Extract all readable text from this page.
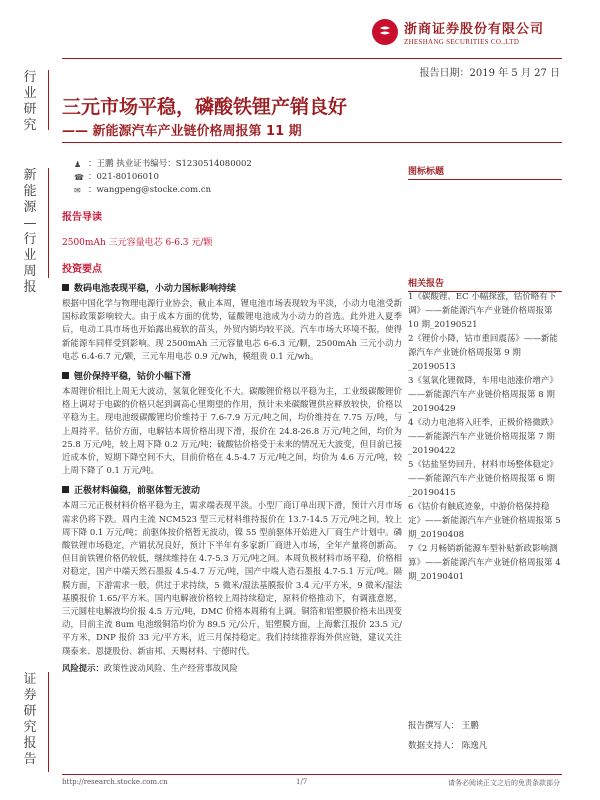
浙商证券股份有限公司
ZHESHANG SECURITIES CO.,LTD
报告日期：2019 年 5 月 27 日
行业研究
新能源—行业周报
证券研究报告
三元市场平稳，磷酸铁锂产销良好
—— 新能源汽车产业链价格周报第 11 期
♟ ：王鹏 执业证书编号：S1230514080002
☎ ：021-80106010
✉ ：wangpeng@stocke.com.cn
图标标题
相关报告
1《碳酸锂、EC 小幅探涨，钴价略有下调》——新能源汽车产业链价格周报第 10 期_20190521
2《锂价小降，钴市重回震荡》——新能源汽车产业链价格周报第 9 期_20190513
3《氢氧化锂微降，车用电池涨价增产》——新能源汽车产业链价格周报第 8 期_20190429
4《动力电池将入旺季，正极价格微跌》——新能源汽车产业链价格周报第 7 期_20190422
5《钴盐坚势回升，材料市场整体稳定》——新能源汽车产业链价格周报第 6 期_20190415
6《钴价有触底迹象，中游价格保持稳定》——新能源汽车产业链价格周报第 5 期_20190408
7《2 月畅销新能源车型补贴新政影响测算》——新能源汽车产业链价格周报第 4 期_20190401
报告撰写人： 王鹏
数据支持人： 陈逸凡
报告导读
2500mAh 三元容量电芯 6-6.3 元/颗
投资要点
数码电池表现平稳，小动力国标影响持续
根据中国化学与物理电源行业协会，截止本周，锂电池市场表现较为平淡，小动力电池受新国标政策影响较大。由于成本方面的优势，锰酸锂电池成为小动力的首选。此外进入夏季后，电动工具市场也开始露出疲软的苗头，外贸内销均较平淡。汽车市场大环境不振，使得新能源车同样受到影响。现 2500mAh 三元容量电芯 6-6.3 元/颗，2500mAh 三元小动力电芯 6.4-6.7 元/颗，三元车用电芯 0.9 元/wh，模组贵 0.1 元/wh。
锂价保持平稳，钴价小幅下滑
本周锂价相比上周无大波动，氢氧化锂变化不大。碳酸锂价格以平稳为主，工业级碳酸锂价格上调对于电碳的价格只起到调高心里期望的作用，预计未来碳酸锂供应释放较快，价格以平稳为主。现电池级碳酸锂均价维持于 7.6-7.9 万元/吨之间，均价维持在 7.75 万/吨，与上周持平。钴价方面，电解钴本周价格出现下滑，报价在 24.8-26.8 万元/吨之间，均价为 25.8 万元/吨，较上周下降 0.2 万元/吨；硫酸钴价格受于未来的情况无大波变，但目前已接近成本价，短期下降空间不大，目前价格在 4.5-4.7 万元/吨之间，均价为 4.6 万元/吨，较上周下降了 0.1 万元/吨。
正极材料偏稳，前驱体暂无波动
本周三元正极材料价格平稳为主，需求端表现平淡。小型厂商订单出现下滑，预计六月市场需求仍将下跌。周内主流 NCM523 型三元材料维持报价在 13.7-14.5 万元/吨之间，较上周下降 0.1 万元/吨；前驱体按价格暂无波动，镍 55 型前驱体开始进入厂商生产计划中。磷酸铁锂市场稳定，产销状况良好，预计下半年有多家新厂商进入市场，全年产量将创新高。但目前铁锂价格仍较低，继续维持在 4.7-5.3 万元/吨之间。本周负极材料市场平稳，价格相对稳定，国产中端天然石墨报 4.5-4.7 万元/吨，国产中端人造石墨报 4.7-5.1 万元/吨。隔膜方面，下游需求一般，供过于求持续，5 微米/湿法基膜报价 3.4 元/平方米，9 微米/湿法基膜报价 1.65/平方米。国内电解液价格较上周持续稳定，原料价格推动下，有调涨意愿，三元圆柱电解液均价报 4.5 万元/吨，DMC 价格本周稍有上调。铜箔和铝塑膜价格未出现变动，目前主流 8um 电池级铜箔均价为 89.5 元/公斤，铝塑膜方面，上海紫江报价 23.5 元/平方米，DNP 报价 33 元/平方米，近三月保持稳定。我们持续推荐海外供应链，建议关注璞泰来、恩捷股份、新宙邦、天赐材料、宁德时代。
风险提示：政策性波动风险、生产经营事故风险
http://research.stocke.com.cn	1/7	请务必阅读正文之后的免责条款部分
